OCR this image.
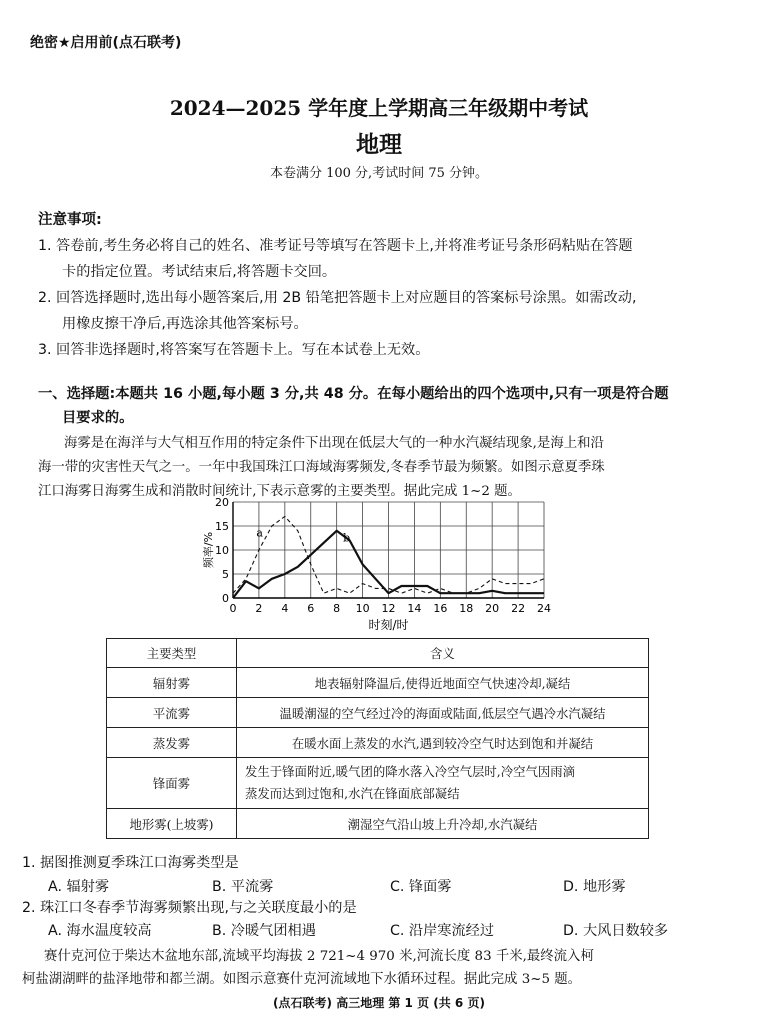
绝密★启用前(点石联考)
2024—2025 学年度上学期高三年级期中考试
地理
本卷满分 100 分,考试时间 75 分钟。
注意事项:
1. 答卷前,考生务必将自己的姓名、准考证号等填写在答题卡上,并将准考证号条形码粘贴在答题
卡的指定位置。考试结束后,将答题卡交回。
2. 回答选择题时,选出每小题答案后,用 2B 铅笔把答题卡上对应题目的答案标号涂黑。如需改动,
用橡皮擦干净后,再选涂其他答案标号。
3. 回答非选择题时,将答案写在答题卡上。写在本试卷上无效。
一、选择题:本题共 16 小题,每小题 3 分,共 48 分。在每小题给出的四个选项中,只有一项是符合题
目要求的。
海雾是在海洋与大气相互作用的特定条件下出现在低层大气的一种水汽凝结现象,是海上和沿
海一带的灾害性天气之一。一年中我国珠江口海域海雾频发,冬春季节最为频繁。如图示意夏季珠
江口海雾日海雾生成和消散时间统计,下表示意雾的主要类型。据此完成 1~2 题。
0 2 4 6 8 10 12 14 16 18 20 22 24
0
5
10
15
20
时刻/时
频率/%	a	b
主要类型	含义
辐射雾	地表辐射降温后,使得近地面空气快速冷却,凝结
平流雾	温暖潮湿的空气经过冷的海面或陆面,低层空气遇冷水汽凝结
蒸发雾	在暖水面上蒸发的水汽,遇到较冷空气时达到饱和并凝结
锋面雾	发生于锋面附近,暖气团的降水落入冷空气层时,冷空气因雨滴
蒸发而达到过饱和,水汽在锋面底部凝结

地形雾(上坡雾)	潮湿空气沿山坡上升冷却,水汽凝结
1. 据图推测夏季珠江口海雾类型是
A. 辐射雾	B. 平流雾	C. 锋面雾	D. 地形雾
2. 珠江口冬春季节海雾频繁出现,与之关联度最小的是
A. 海水温度较高	B. 冷暖气团相遇	C. 沿岸寒流经过	D. 大风日数较多
赛什克河位于柴达木盆地东部,流域平均海拔 2 721~4 970 米,河流长度 83 千米,最终流入柯
柯盐湖湖畔的盐泽地带和都兰湖。如图示意赛什克河流域地下水循环过程。据此完成 3~5 题。
(点石联考) 高三地理 第 1 页 (共 6 页)
